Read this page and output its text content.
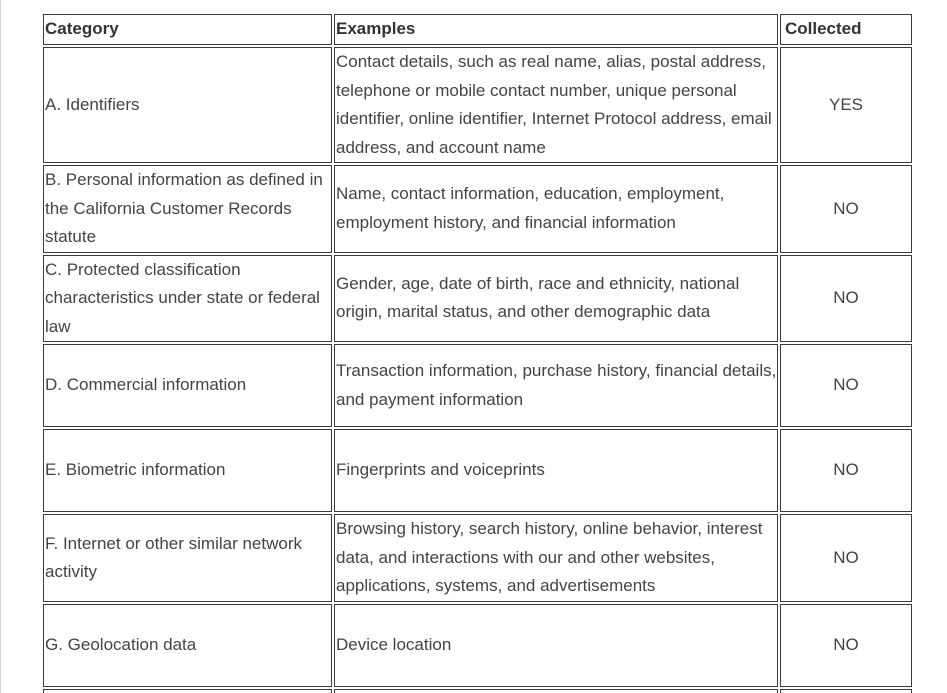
Category	Examples	Collected
A. Identifiers	Contact details, such as real name, alias, postal address, telephone or mobile contact number, unique personal identifier, online identifier, Internet Protocol address, email address, and account name	YES
B. Personal information as defined in the California Customer Records statute	Name, contact information, education, employment, employment history, and financial information	NO
C. Protected classification characteristics under state or federal law	Gender, age, date of birth, race and ethnicity, national origin, marital status, and other demographic data	NO
D. Commercial information	Transaction information, purchase history, financial details, and payment information	NO
E. Biometric information	Fingerprints and voiceprints	NO
F. Internet or other similar network activity	Browsing history, search history, online behavior, interest data, and interactions with our and other websites, applications, systems, and advertisements	NO
G. Geolocation data	Device location	NO
